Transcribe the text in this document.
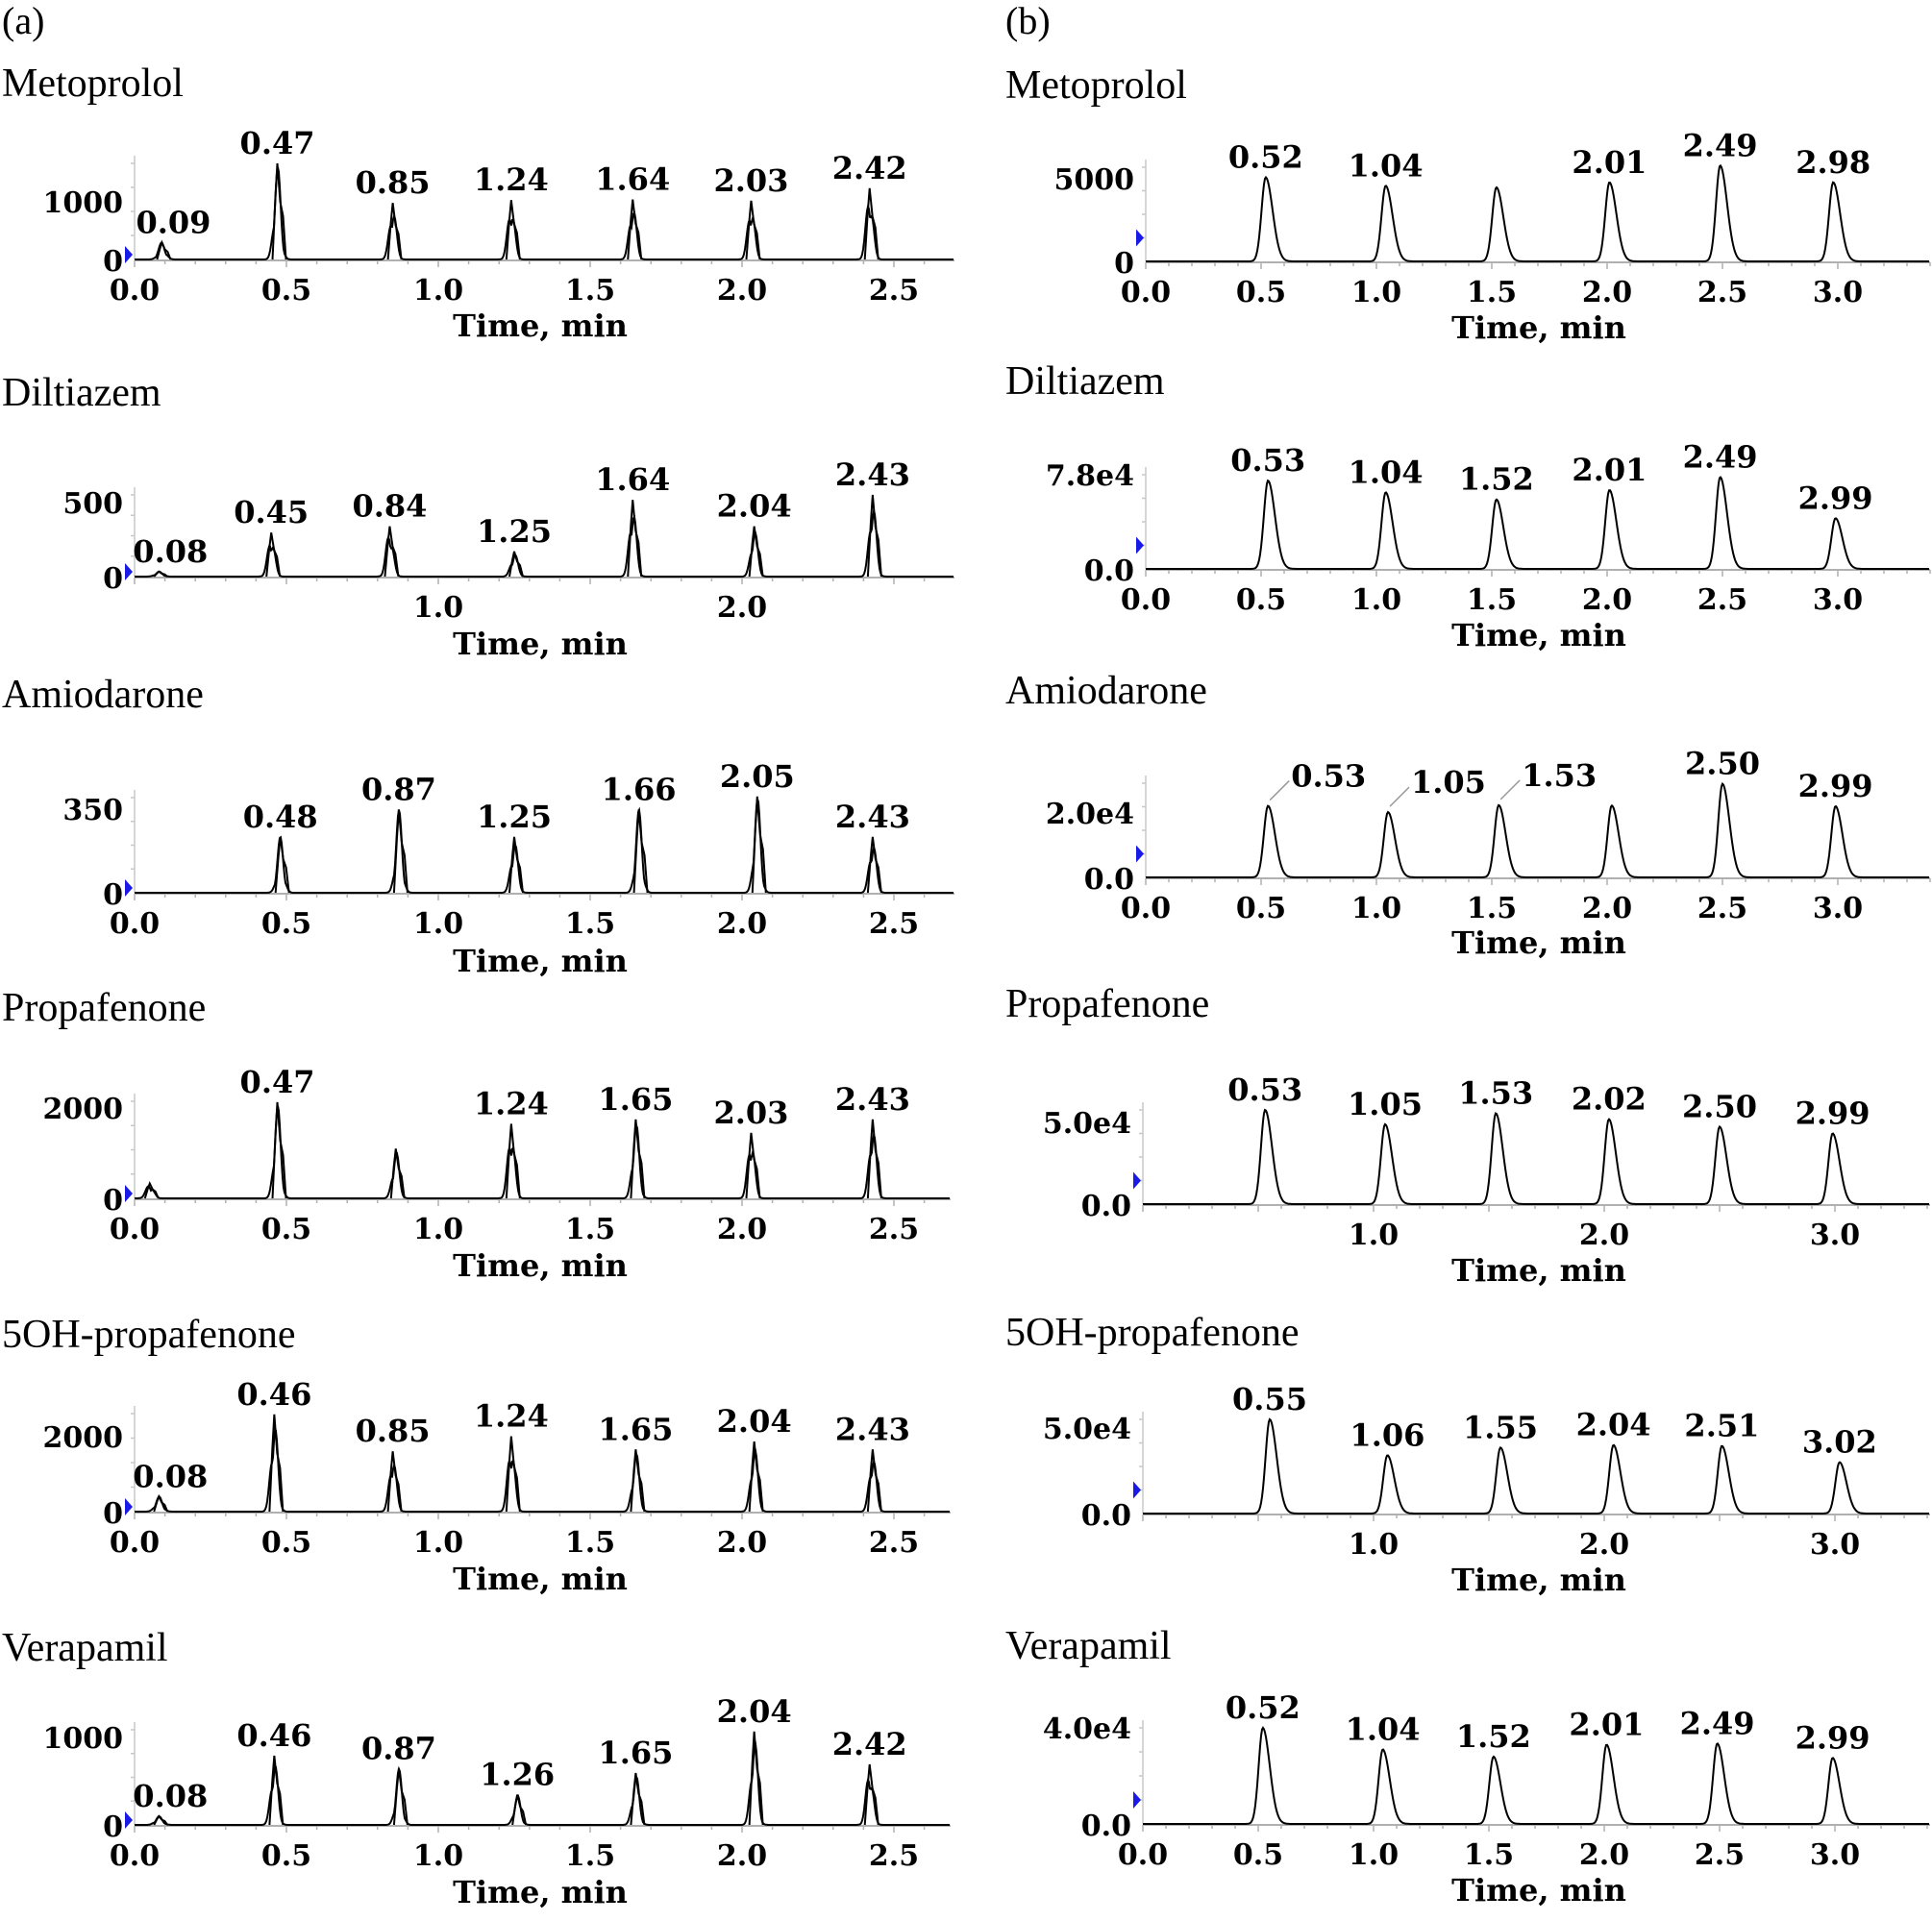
(a)	(b)
Metoprolol
Diltiazem
Amiodarone
Propafenone
5OH-propafenone
Verapamil
Metoprolol
Diltiazem
Amiodarone
Propafenone
5OH-propafenone
Verapamil
0
1000
0.0	0.5	1.0	1.5	2.0	2.5
Time, min
0.09
0.47
0.85 1.24 1.64 2.03 2.42
0
500
1.0	2.0
Time, min
0.08
0.45 0.84
1.25
1.64
2.04
2.43
0
350
0.0	0.5	1.0	1.5	2.0	2.5
Time, min
0.48
0.87
1.25
1.66 2.05
2.43
0
2000
0.0	0.5	1.0	1.5	2.0	2.5
Time, min
0.47
1.24 1.65 2.03 2.43
0
2000
0.0	0.5	1.0	1.5	2.0	2.5
Time, min
0.08
0.46
0.85 1.24 1.65 2.04 2.43
0
1000
0.0	0.5	1.0	1.5	2.0	2.5
Time, min
0.08
0.46 0.87
1.26
1.65
2.04
2.42
0
5000
0.0 0.5 1.0 1.5 2.0 2.5 3.0
Time, min
0.52 1.04	2.01 2.49 2.98
0.0
7.8e4
0.0 0.5 1.0 1.5 2.0 2.5 3.0
Time, min
0.53 1.04 1.52 2.01 2.49
2.99
0.0
2.0e4
0.0 0.5 1.0 1.5 2.0 2.5 3.0
Time, min
0.53 1.05 1.53	2.50
2.99
0.0
5.0e4
1.0	2.0	3.0
Time, min
0.53 1.05 1.53 2.02 2.50 2.99
0.0
5.0e4
1.0	2.0	3.0
Time, min
0.55
1.06 1.55 2.04 2.51 3.02
0.0
4.0e4
0.0 0.5 1.0 1.5 2.0 2.5 3.0
Time, min
0.52
1.04 1.52 2.01 2.49 2.99
